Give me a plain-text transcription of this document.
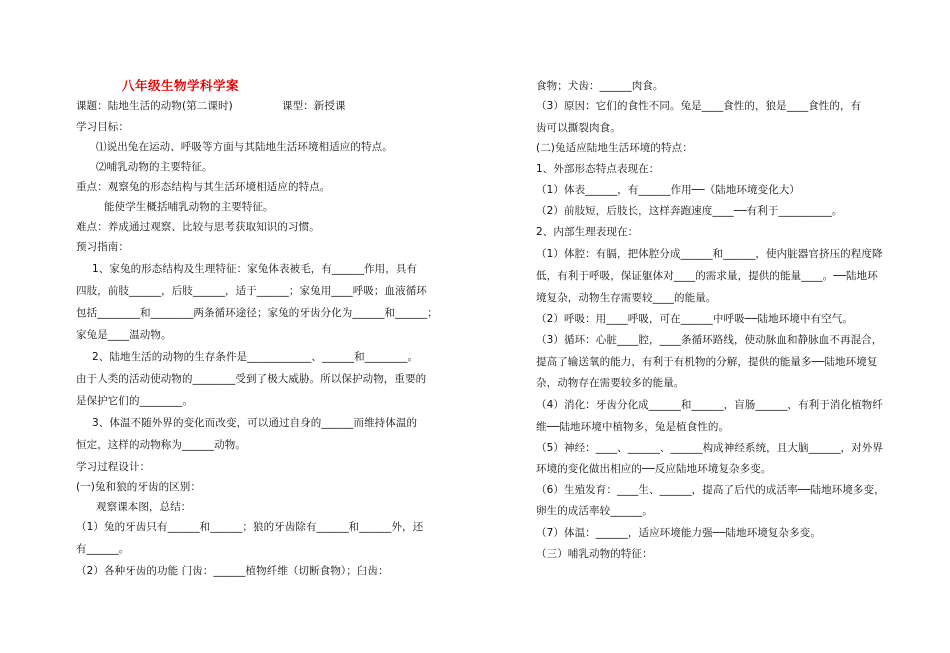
八年级生物学科学案
课题：陆地生活的动物(第二课时)	课型：新授课
学习目标：
⑴说出兔在运动、呼吸等方面与其陆地生活环境相适应的特点。
⑵哺乳动物的主要特征。
重点：观察兔的形态结构与其生活环境相适应的特点。
能使学生概括哺乳动物的主要特征。
难点：养成通过观察、比较与思考获取知识的习惯。
预习指南：
1、家兔的形态结构及生理特征：家兔体表被毛，有______作用，具有
四肢，前肢______，后肢______，适于______；家兔用____呼吸；血液循环
包括________和________两条循环途径；家兔的牙齿分化为______和______；
家兔是____温动物。
2、陆地生活的动物的生存条件是____________、______和________。
由于人类的活动使动物的________受到了极大威胁。所以保护动物，重要的
是保护它们的________。
3、体温不随外界的变化而改变，可以通过自身的______而维持体温的
恒定，这样的动物称为______动物。
学习过程设计：
(一)兔和狼的牙齿的区别：
观察课本图，总结：
（1）兔的牙齿只有______和______；狼的牙齿除有______和______外，还
有______。
（2）各种牙齿的功能 门齿：______植物纤维（切断食物）；臼齿：
食物；犬齿：______肉食。
（3）原因：它们的食性不同。兔是____食性的，狼是____食性的，有
齿可以撕裂肉食。
(二)兔适应陆地生活环境的特点：
1、外部形态特点表现在：
（1）体表______，有______作用──（陆地环境变化大）
（2）前肢短，后肢长，这样奔跑速度____──有利于__________。
2、内部生理表现在：
（1）体腔：有膈，把体腔分成______和______，使内脏器官挤压的程度降
低，有利于呼吸，保证躯体对____的需求量，提供的能量____。──陆地环
境复杂，动物生存需要较____的能量。
（2）呼吸：用____呼吸，可在______中呼吸──陆地环境中有空气。
（3）循环：心脏____腔，____条循环路线，使动脉血和静脉血不再混合，
提高了输送氧的能力，有利于有机物的分解，提供的能量多──陆地环境复
杂，动物存在需要较多的能量。
（4）消化：牙齿分化成______和______，盲肠______，有利于消化植物纤
维──陆地环境中植物多，兔是植食性的。
（5）神经：____、______、______构成神经系统，且大脑______，对外界
环境的变化做出相应的──反应陆地环境复杂多变。
（6）生殖发育：____生、______，提高了后代的成活率──陆地环境多变，
卵生的成活率较______。
（7）体温：______，适应环境能力强──陆地环境复杂多变。
（三）哺乳动物的特征：
